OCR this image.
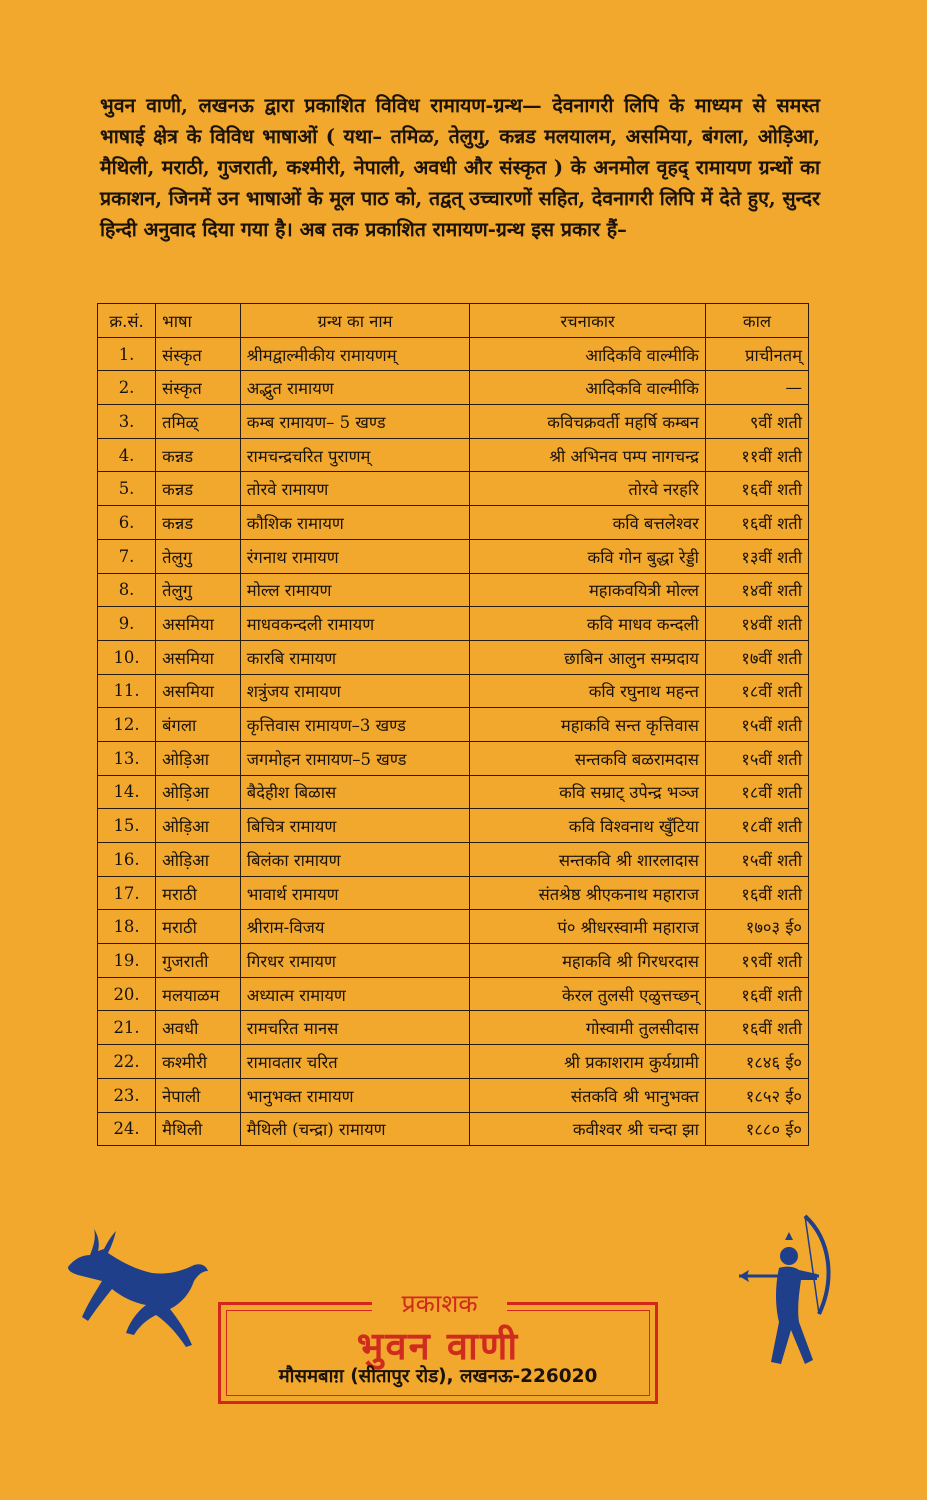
भुवन वाणी, लखनऊ द्वारा प्रकाशित विविध रामायण-ग्रन्थ— देवनागरी लिपि के माध्यम से समस्त भाषाई क्षेत्र के विविध भाषाओं ( यथा– तमिळ, तेलुगु, कन्नड मलयालम, असमिया, बंगला, ओड़िआ, मैथिली, मराठी, गुजराती, कश्मीरी, नेपाली, अवधी और संस्कृत ) के अनमोल वृहद् रामायण ग्रन्थों का प्रकाशन, जिनमें उन भाषाओं के मूल पाठ को, तद्वत् उच्चारणों सहित, देवनागरी लिपि में देते हुए, सुन्दर हिन्दी अनुवाद दिया गया है। अब तक प्रकाशित रामायण-ग्रन्थ इस प्रकार हैं–
क्र.सं.	भाषा	ग्रन्थ का नाम	रचनाकार	काल
1.	संस्कृत	श्रीमद्वाल्मीकीय रामायणम्	आदिकवि वाल्मीकि	प्राचीनतम्
2.	संस्कृत	अद्भुत रामायण	आदिकवि वाल्मीकि	—
3.	तमिळ्	कम्ब रामायण– 5 खण्ड	कविचक्रवर्ती महर्षि कम्बन	९वीं शती
4.	कन्नड	रामचन्द्रचरित पुराणम्	श्री अभिनव पम्प नागचन्द्र	११वीं शती
5.	कन्नड	तोरवे रामायण	तोरवे नरहरि	१६वीं शती
6.	कन्नड	कौशिक रामायण	कवि बत्तलेश्वर	१६वीं शती
7.	तेलुगु	रंगनाथ रामायण	कवि गोन बुद्धा रेड्डी	१३वीं शती
8.	तेलुगु	मोल्ल रामायण	महाकवयित्री मोल्ल	१४वीं शती
9.	असमिया	माधवकन्दली रामायण	कवि माधव कन्दली	१४वीं शती
10.	असमिया	कारबि रामायण	छाबिन आलुन सम्प्रदाय	१७वीं शती
11.	असमिया	शत्रुंजय रामायण	कवि रघुनाथ महन्त	१८वीं शती
12.	बंगला	कृत्तिवास रामायण–3 खण्ड	महाकवि सन्त कृत्तिवास	१५वीं शती
13.	ओड़िआ	जगमोहन रामायण–5 खण्ड	सन्तकवि बळरामदास	१५वीं शती
14.	ओड़िआ	बैदेहीश बिळास	कवि सम्राट् उपेन्द्र भञ्ज	१८वीं शती
15.	ओड़िआ	बिचित्र रामायण	कवि विश्वनाथ खुँटिया	१८वीं शती
16.	ओड़िआ	बिलंका रामायण	सन्तकवि श्री शारलादास	१५वीं शती
17.	मराठी	भावार्थ रामायण	संतश्रेष्ठ श्रीएकनाथ महाराज	१६वीं शती
18.	मराठी	श्रीराम-विजय	पं० श्रीधरस्वामी महाराज	१७०३ ई०
19.	गुजराती	गिरधर रामायण	महाकवि श्री गिरधरदास	१९वीं शती
20.	मलयाळम	अध्यात्म रामायण	केरल तुलसी एळुत्तच्छन्	१६वीं शती
21.	अवधी	रामचरित मानस	गोस्वामी तुलसीदास	१६वीं शती
22.	कश्मीरी	रामावतार चरित	श्री प्रकाशराम कुर्यग्रामी	१८४६ ई०
23.	नेपाली	भानुभक्त रामायण	संतकवि श्री भानुभक्त	१८५२ ई०
24.	मैथिली	मैथिली (चन्द्रा) रामायण	कवीश्वर श्री चन्दा झा	१८८० ई०
भुवन वाणी
मौसमबाग़ (सीतापुर रोड), लखनऊ-226020
प्रकाशक
